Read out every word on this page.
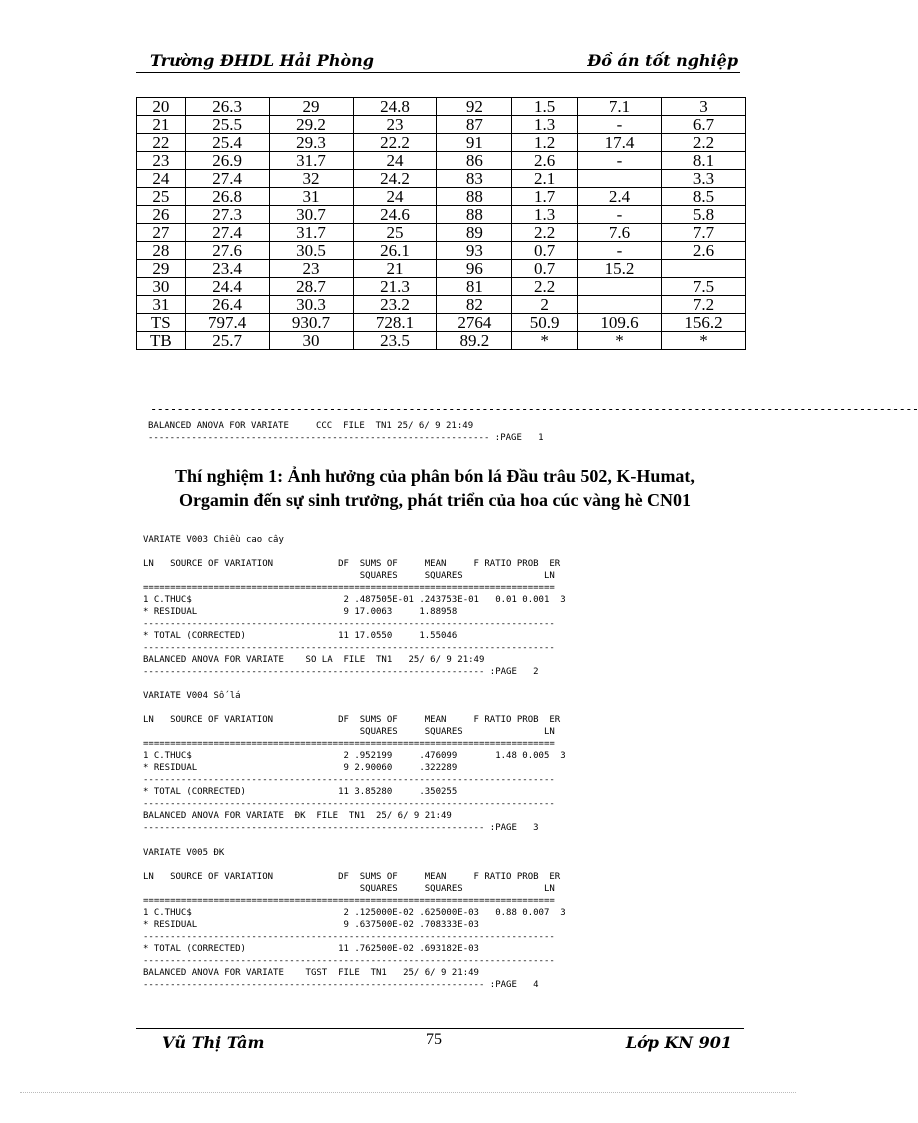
Trường ĐHDL Hải Phòng	Đồ án tốt nghiệp
20	26.3	29	24.8	92	1.5	7.1	3
21	25.5	29.2	23	87	1.3	-	6.7
22	25.4	29.3	22.2	91	1.2	17.4	2.2
23	26.9	31.7	24	86	2.6	-	8.1
24	27.4	32	24.2	83	2.1		3.3
25	26.8	31	24	88	1.7	2.4	8.5
26	27.3	30.7	24.6	88	1.3	-	5.8
27	27.4	31.7	25	89	2.2	7.6	7.7
28	27.6	30.5	26.1	93	0.7	-	2.6
29	23.4	23	21	96	0.7	15.2	
30	24.4	28.7	21.3	81	2.2		7.5
31	26.4	30.3	23.2	82	2		7.2
TS	797.4	930.7	728.1	2764	50.9	109.6	156.2
TB	25.7	30	23.5	89.2	*	*	*
--------------------------------------------------------------------------------------------------------------------
BALANCED ANOVA FOR VARIATE     CCC  FILE  TN1 25/ 6/ 9 21:49
--------------------------------------------------------------- :PAGE   1
Thí nghiệm 1: Ảnh hưởng của phân bón lá Đầu trâu 502, K-Humat,
Orgamin đến sự sinh trưởng, phát triển của hoa cúc vàng hè CN01
VARIATE V003 Chiều cao cây

LN   SOURCE OF VARIATION            DF  SUMS OF     MEAN     F RATIO PROB  ER
SQUARES     SQUARES               LN
============================================================================
1 C.THUC$                            2 .487505E-01 .243753E-01   0.01 0.001  3
* RESIDUAL                           9 17.0063     1.88958
----------------------------------------------------------------------------
* TOTAL (CORRECTED)                 11 17.0550     1.55046
----------------------------------------------------------------------------
BALANCED ANOVA FOR VARIATE    SO LA  FILE  TN1   25/ 6/ 9 21:49
--------------------------------------------------------------- :PAGE   2
VARIATE V004 Số lá

LN   SOURCE OF VARIATION            DF  SUMS OF     MEAN     F RATIO PROB  ER
SQUARES     SQUARES               LN
============================================================================
1 C.THUC$                            2 .952199     .476099       1.48 0.005  3
* RESIDUAL                           9 2.90060     .322289
----------------------------------------------------------------------------
* TOTAL (CORRECTED)                 11 3.85280     .350255
----------------------------------------------------------------------------
BALANCED ANOVA FOR VARIATE  ĐK  FILE  TN1  25/ 6/ 9 21:49
--------------------------------------------------------------- :PAGE   3
VARIATE V005 ĐK

LN   SOURCE OF VARIATION            DF  SUMS OF     MEAN     F RATIO PROB  ER
SQUARES     SQUARES               LN
============================================================================
1 C.THUC$                            2 .125000E-02 .625000E-03   0.88 0.007  3
* RESIDUAL                           9 .637500E-02 .708333E-03
----------------------------------------------------------------------------
* TOTAL (CORRECTED)                 11 .762500E-02 .693182E-03
----------------------------------------------------------------------------
BALANCED ANOVA FOR VARIATE    TGST  FILE  TN1   25/ 6/ 9 21:49
--------------------------------------------------------------- :PAGE   4
Vũ Thị Tâm	75	Lớp KN 901
